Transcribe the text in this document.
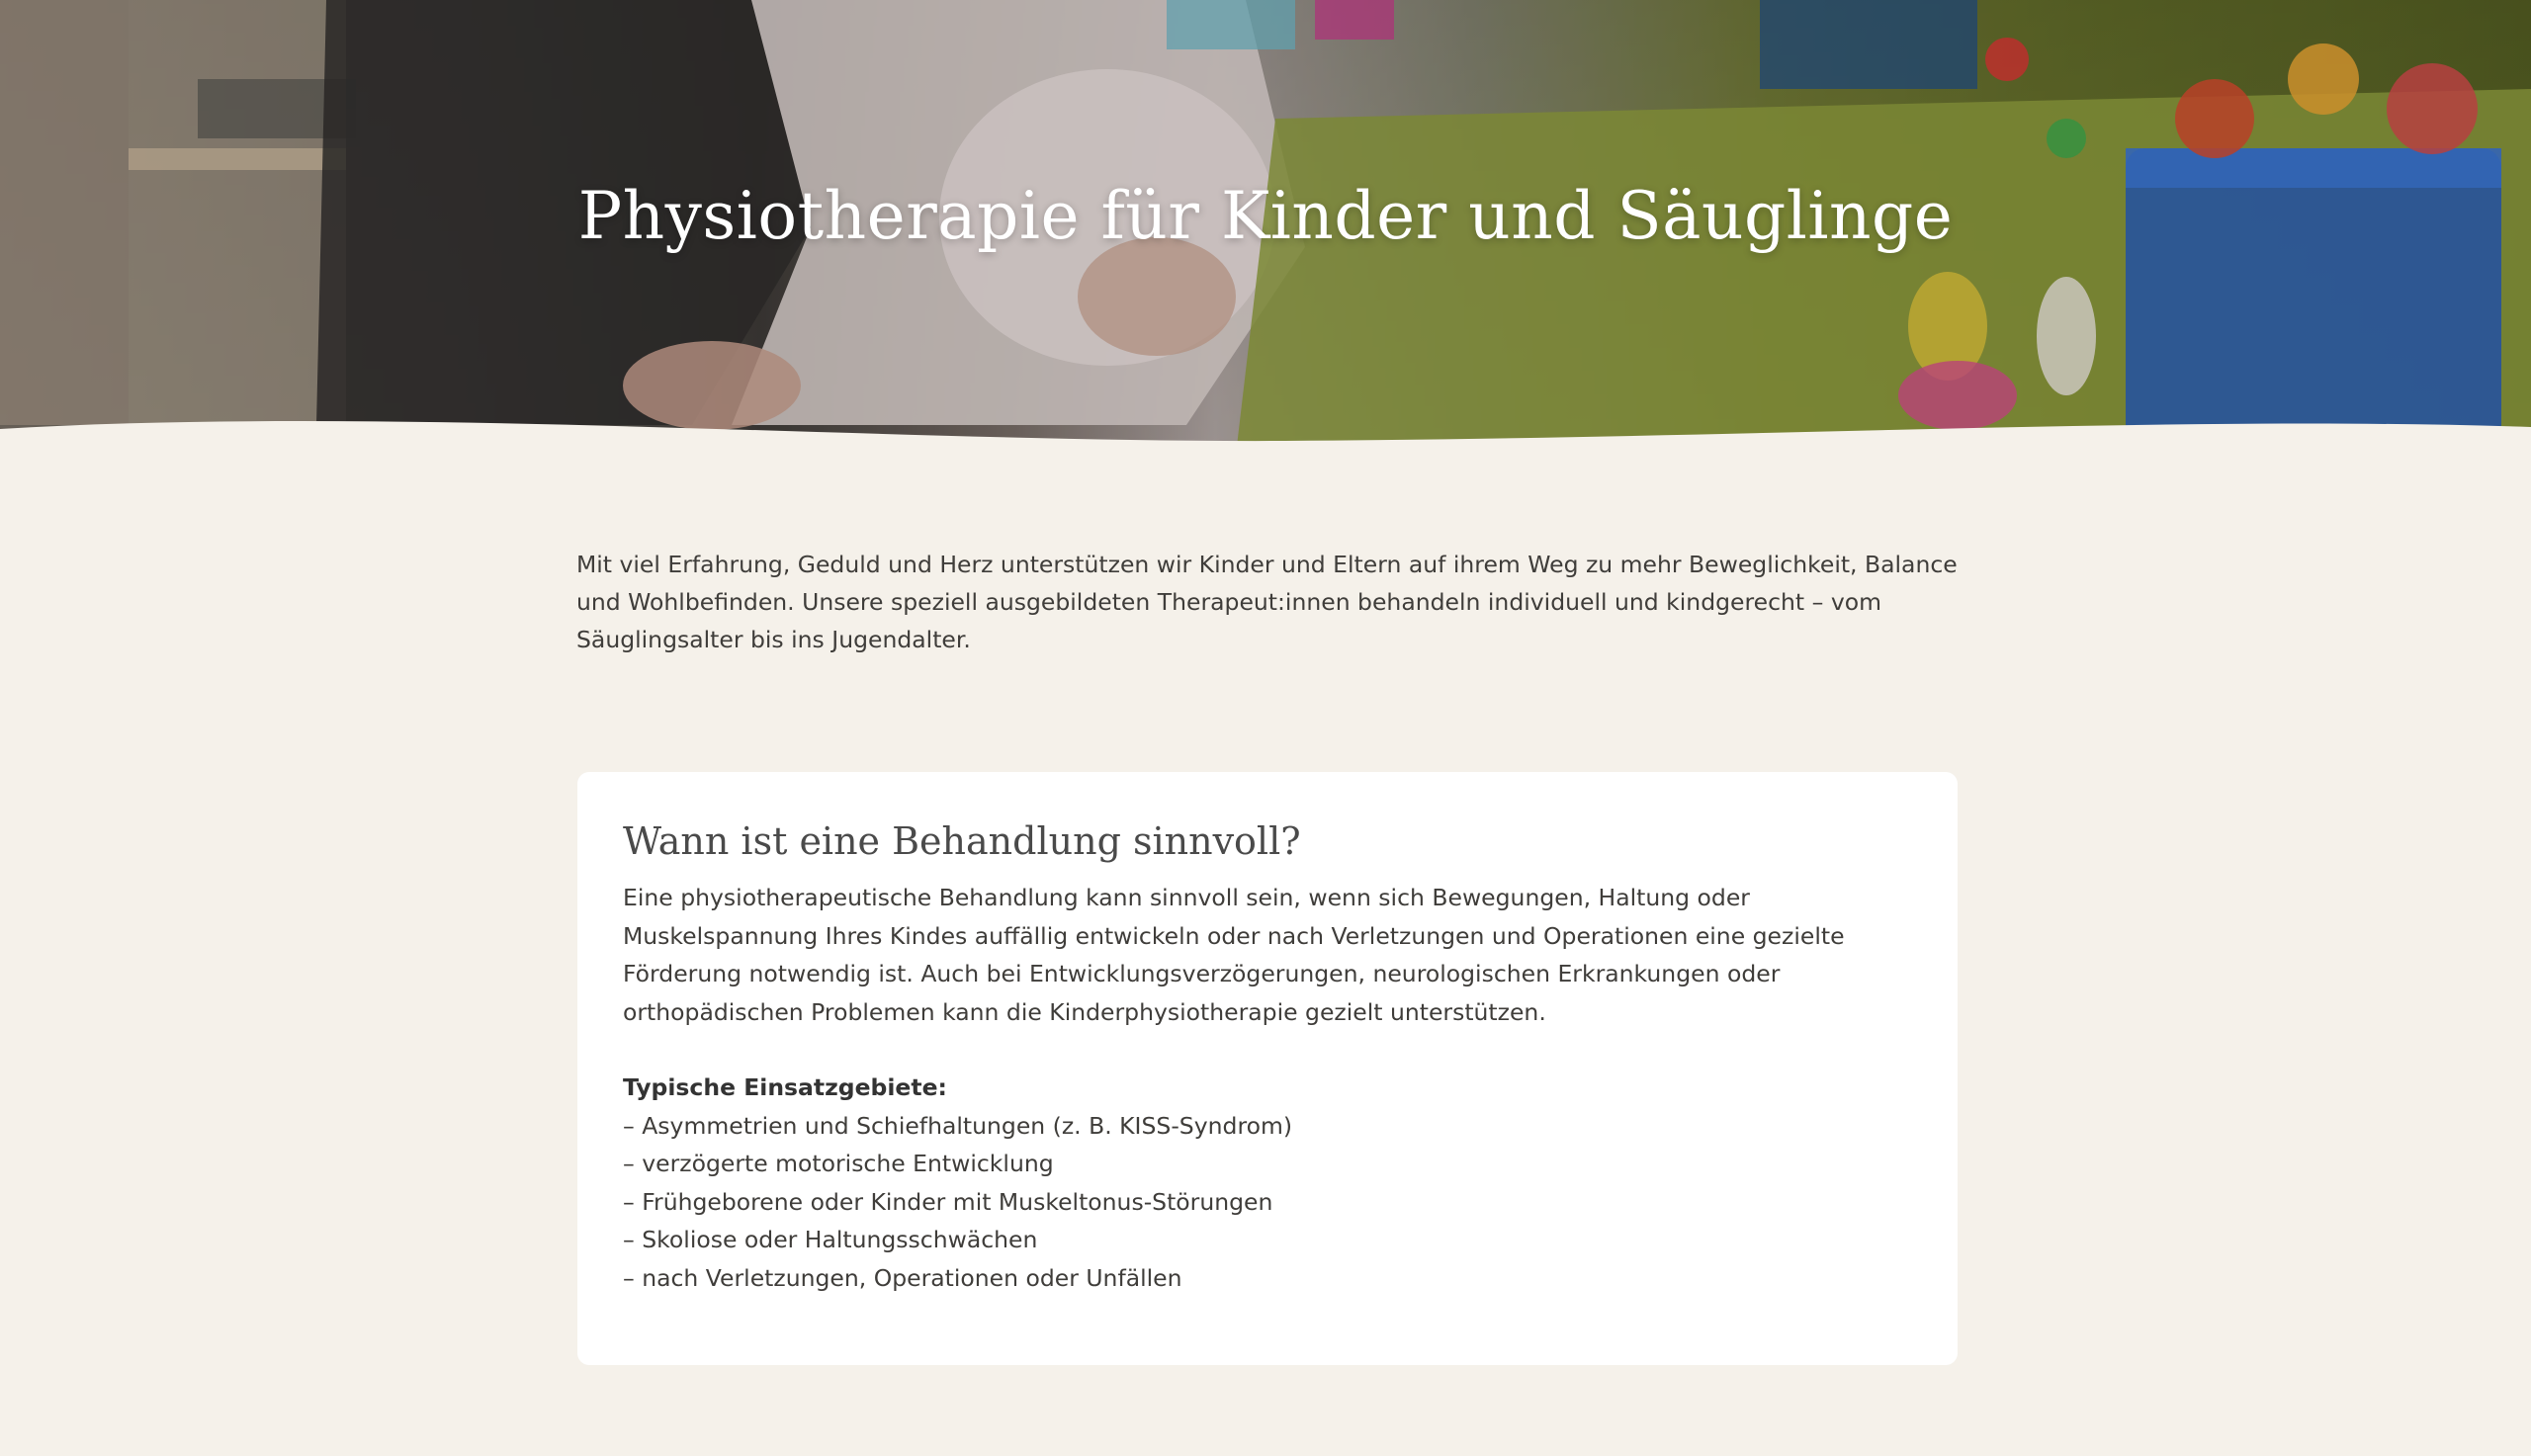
Physiotherapie für Kinder und Säuglinge

Mit viel Erfahrung, Geduld und Herz unterstützen wir Kinder und Eltern auf ihrem Weg zu mehr Beweglichkeit, Balance und Wohlbefinden. Unsere speziell ausgebildeten Therapeut:innen behandeln individuell und kindgerecht – vom Säuglingsalter bis ins Jugendalter.

Wann ist eine Behandlung sinnvoll?

Eine physiotherapeutische Behandlung kann sinnvoll sein, wenn sich Bewegungen, Haltung oder Muskelspannung Ihres Kindes auffällig entwickeln oder nach Verletzungen und Operationen eine gezielte Förderung notwendig ist. Auch bei Entwicklungsverzögerungen, neurologischen Erkrankungen oder orthopädischen Problemen kann die Kinderphysiotherapie gezielt unterstützen.

Typische Einsatzgebiete:

– Asymmetrien und Schiefhaltungen (z. B. KISS-Syndrom)
– verzögerte motorische Entwicklung
– Frühgeborene oder Kinder mit Muskeltonus-Störungen
– Skoliose oder Haltungsschwächen
– nach Verletzungen, Operationen oder Unfällen
